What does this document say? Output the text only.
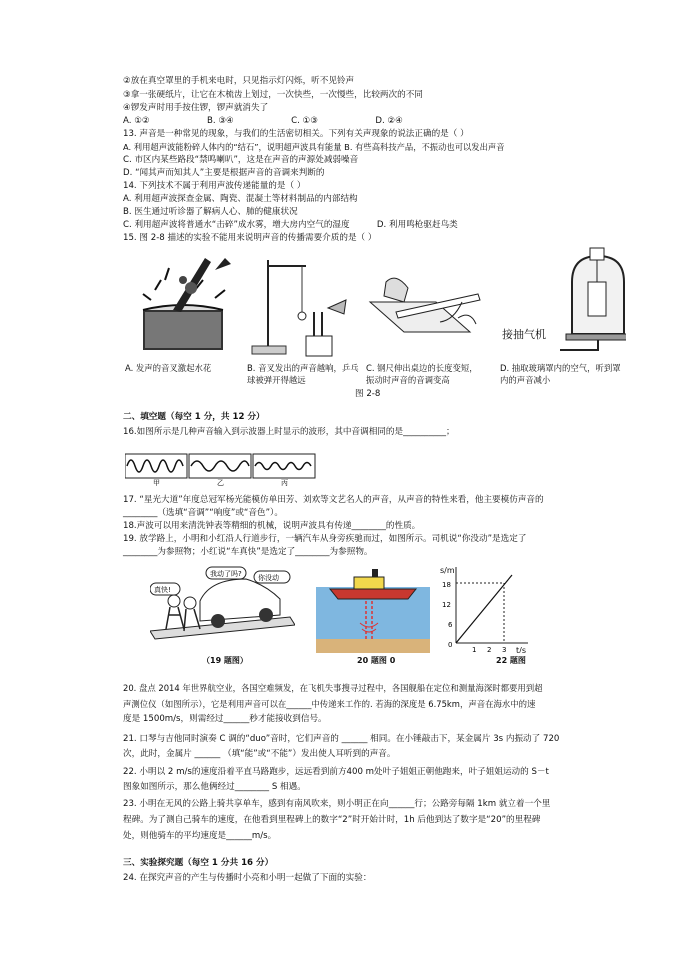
②放在真空罩里的手机来电时，只见指示灯闪烁，听不见铃声
③拿一张硬纸片，让它在木梳齿上划过，一次快些，一次慢些，比较两次的不同
④锣发声时用手按住锣，锣声就消失了
A. ①②                     B. ③④                     C. ①③                     D. ②④
13. 声音是一种常见的现象，与我们的生活密切相关。下列有关声现象的说法正确的是（ ）
A. 利用超声波能粉碎人体内的“结石”，说明超声波具有能量 B. 有些高科技产品，不振动也可以发出声音
C. 市区内某些路段“禁鸣喇叭”，这是在声音的声源处减弱噪音
D. “闻其声而知其人”主要是根据声音的音调来判断的
14. 下列技术不属于利用声波传递能量的是（ ）
A. 利用超声波探查金属、陶瓷、混凝土等材料制品的内部结构
B. 医生通过听诊器了解病人心、肺的健康状况
C. 利用超声波将普通水“击碎”成水雾，增大房内空气的湿度          D. 利用鸣枪驱赶鸟类
15. 图 2-8 描述的实验不能用来说明声音的传播需要介质的是（ ）
接抽气机
A. 发声的音叉激起水花	B. 音叉发出的声音越响，乒乓球被弹开得越远
C. 钢尺伸出桌边的长度变短，振动时声音的音调变高
D. 抽取玻璃罩内的空气，听到罩内的声音减小
图 2-8
二、填空题（每空 1 分，共 12 分）
16.如图所示是几种声音输入到示波器上时显示的波形，其中音调相同的是__________；
甲	乙	丙
17. “星光大道”年度总冠军杨光能模仿单田芳、刘欢等文艺名人的声音，从声音的特性来看，他主要模仿声音的
________（选填“音调”“响度”或“音色”）。
18.声波可以用来清洗钟表等精细的机械，说明声波具有传递________的性质。
19. 放学路上，小明和小红沿人行道步行，一辆汽车从身旁疾驰而过，如图所示。司机说“你没动”是选定了
________为参照物；小红说“车真快”是选定了________为参照物。
我动了吗?
真快!
你没动
s/m
t/s
0
6
12
18
1 2 3
（19 题图）	20 题图 0	22 题图
20. 盘点 2014 年世界航空业，各国空难频发，在飞机失事搜寻过程中，各国舰船在定位和测量海深时都要用到超
声测位仪（如图所示），它是利用声音可以在______中传递来工作的. 若海的深度是 6.75km，声音在海水中的速
度是 1500m/s，则需经过______秒才能接收到信号。
21. 口琴与吉他同时演奏 C 调的“duo”音时，它们声音的 ______ 相同。在小锤敲击下，某金属片 3s 内振动了 720
次，此时，金属片 ______ （填“能”或“不能”）发出使人耳听到的声音。
22. 小明以 2 m/s的速度沿着平直马路跑步，远远看到前方400 m处叶子姐姐正朝他跑来，叶子姐姐运动的 S－t
图象如图所示，那么他俩经过________ S 相遇。
23. 小明在无风的公路上骑共享单车，感到有南风吹来，则小明正在向______行；公路旁每隔 1km 就立着一个里
程碑。为了测自己骑车的速度，在他看到里程碑上的数字“2”时开始计时，1h 后他到达了数字是“20”的里程碑
处，则他骑车的平均速度是______m/s。
三、实验探究题（每空 1 分共 16 分）
24. 在探究声音的产生与传播时小亮和小明一起做了下面的实验：
